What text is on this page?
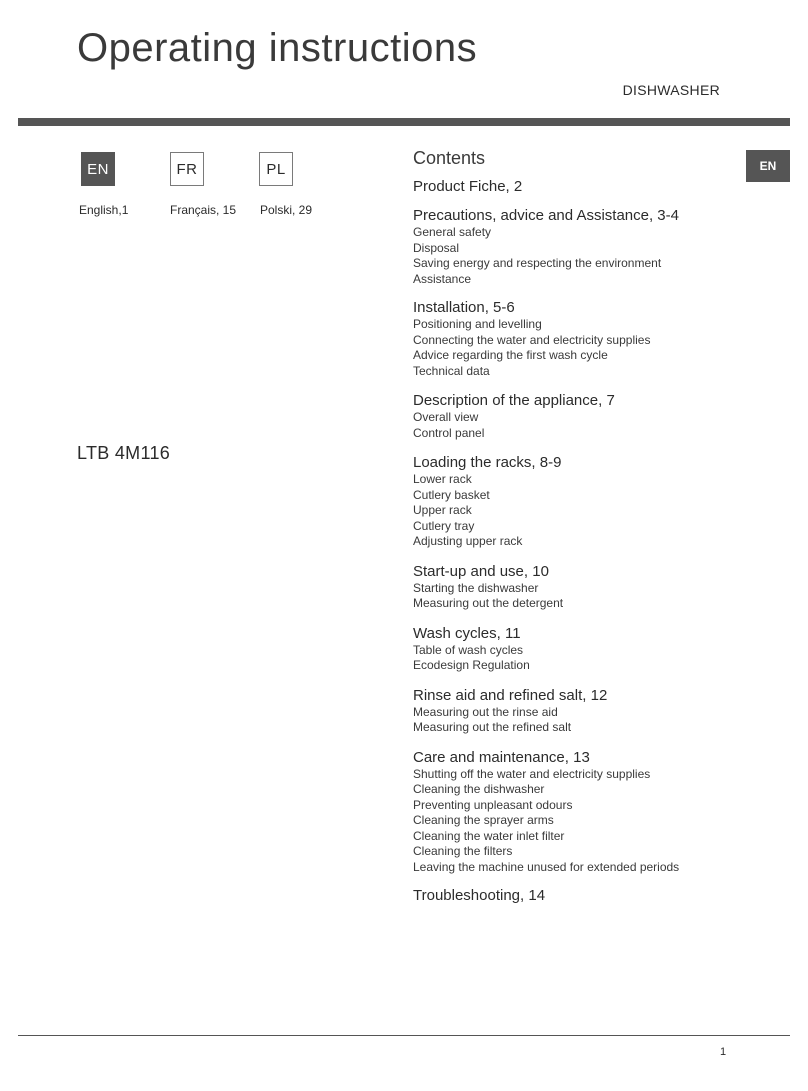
Operating instructions
DISHWASHER
EN	FR	PL
English,1	Français, 15 Polski, 29
LTB 4M116
EN
Contents
Product Fiche, 2
Precautions, advice and Assistance, 3-4
General safety
Disposal
Saving energy and respecting the environment
Assistance
Installation, 5-6
Positioning and levelling
Connecting the water and electricity supplies
Advice regarding the first wash cycle
Technical data
Description of the appliance, 7
Overall view
Control panel
Loading the racks, 8-9
Lower rack
Cutlery basket
Upper rack
Cutlery tray
Adjusting upper rack
Start-up and use, 10
Starting the dishwasher
Measuring out the detergent
Wash cycles, 11
Table of wash cycles
Ecodesign Regulation
Rinse aid and refined salt, 12
Measuring out the rinse aid
Measuring out the refined salt
Care and maintenance, 13
Shutting off the water and electricity supplies
Cleaning the dishwasher
Preventing unpleasant odours
Cleaning the sprayer arms
Cleaning the water inlet filter
Cleaning the filters
Leaving the machine unused for extended periods
Troubleshooting, 14
1
